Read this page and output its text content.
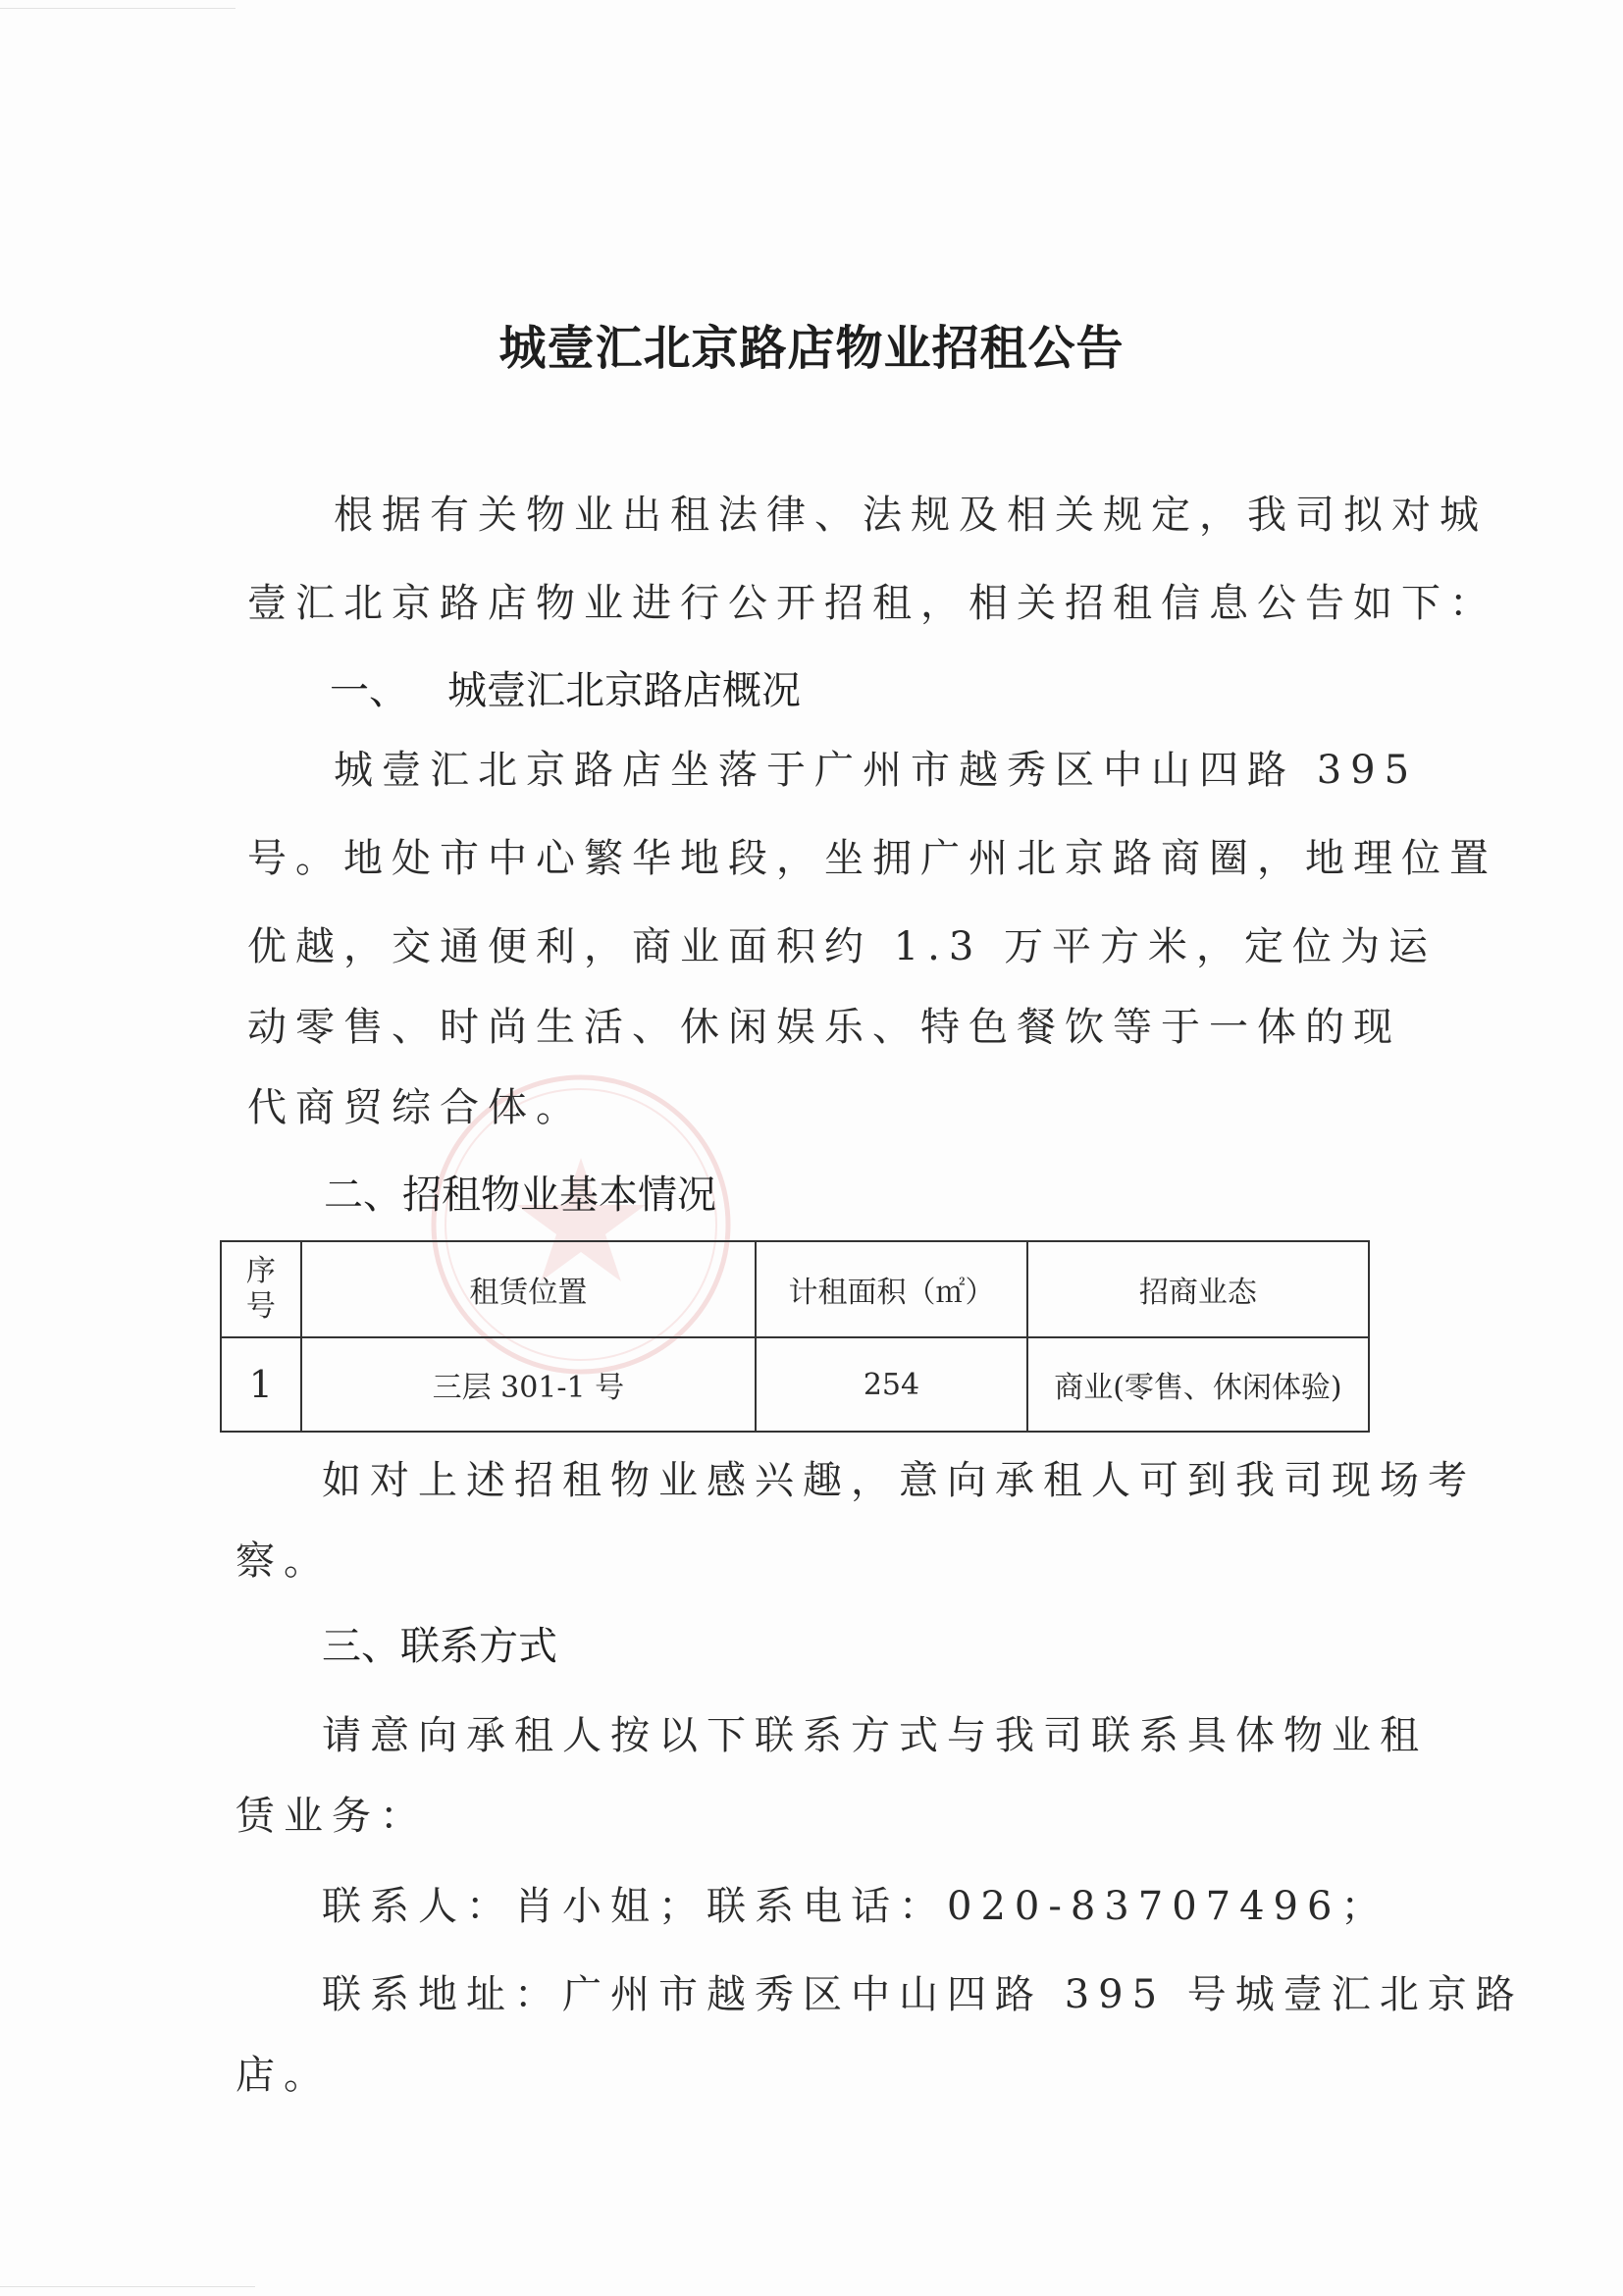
城壹汇北京路店物业招租公告
根据有关物业出租法律、法规及相关规定，我司拟对城
壹汇北京路店物业进行公开招租，相关招租信息公告如下：
一、 城壹汇北京路店概况
城壹汇北京路店坐落于广州市越秀区中山四路 395
号。地处市中心繁华地段，坐拥广州北京路商圈，地理位置
优越，交通便利，商业面积约 1.3 万平方米，定位为运
动零售、时尚生活、休闲娱乐、特色餐饮等于一体的现
代商贸综合体。
二、招租物业基本情况
序号	租赁位置	计租面积（㎡）	招商业态
1	三层 301-1 号	254	商业(零售、休闲体验)
如对上述招租物业感兴趣，意向承租人可到我司现场考
察。
三、联系方式
请意向承租人按以下联系方式与我司联系具体物业租
赁业务：
联系人：肖小姐；联系电话：020-83707496；
联系地址：广州市越秀区中山四路 395 号城壹汇北京路
店。
